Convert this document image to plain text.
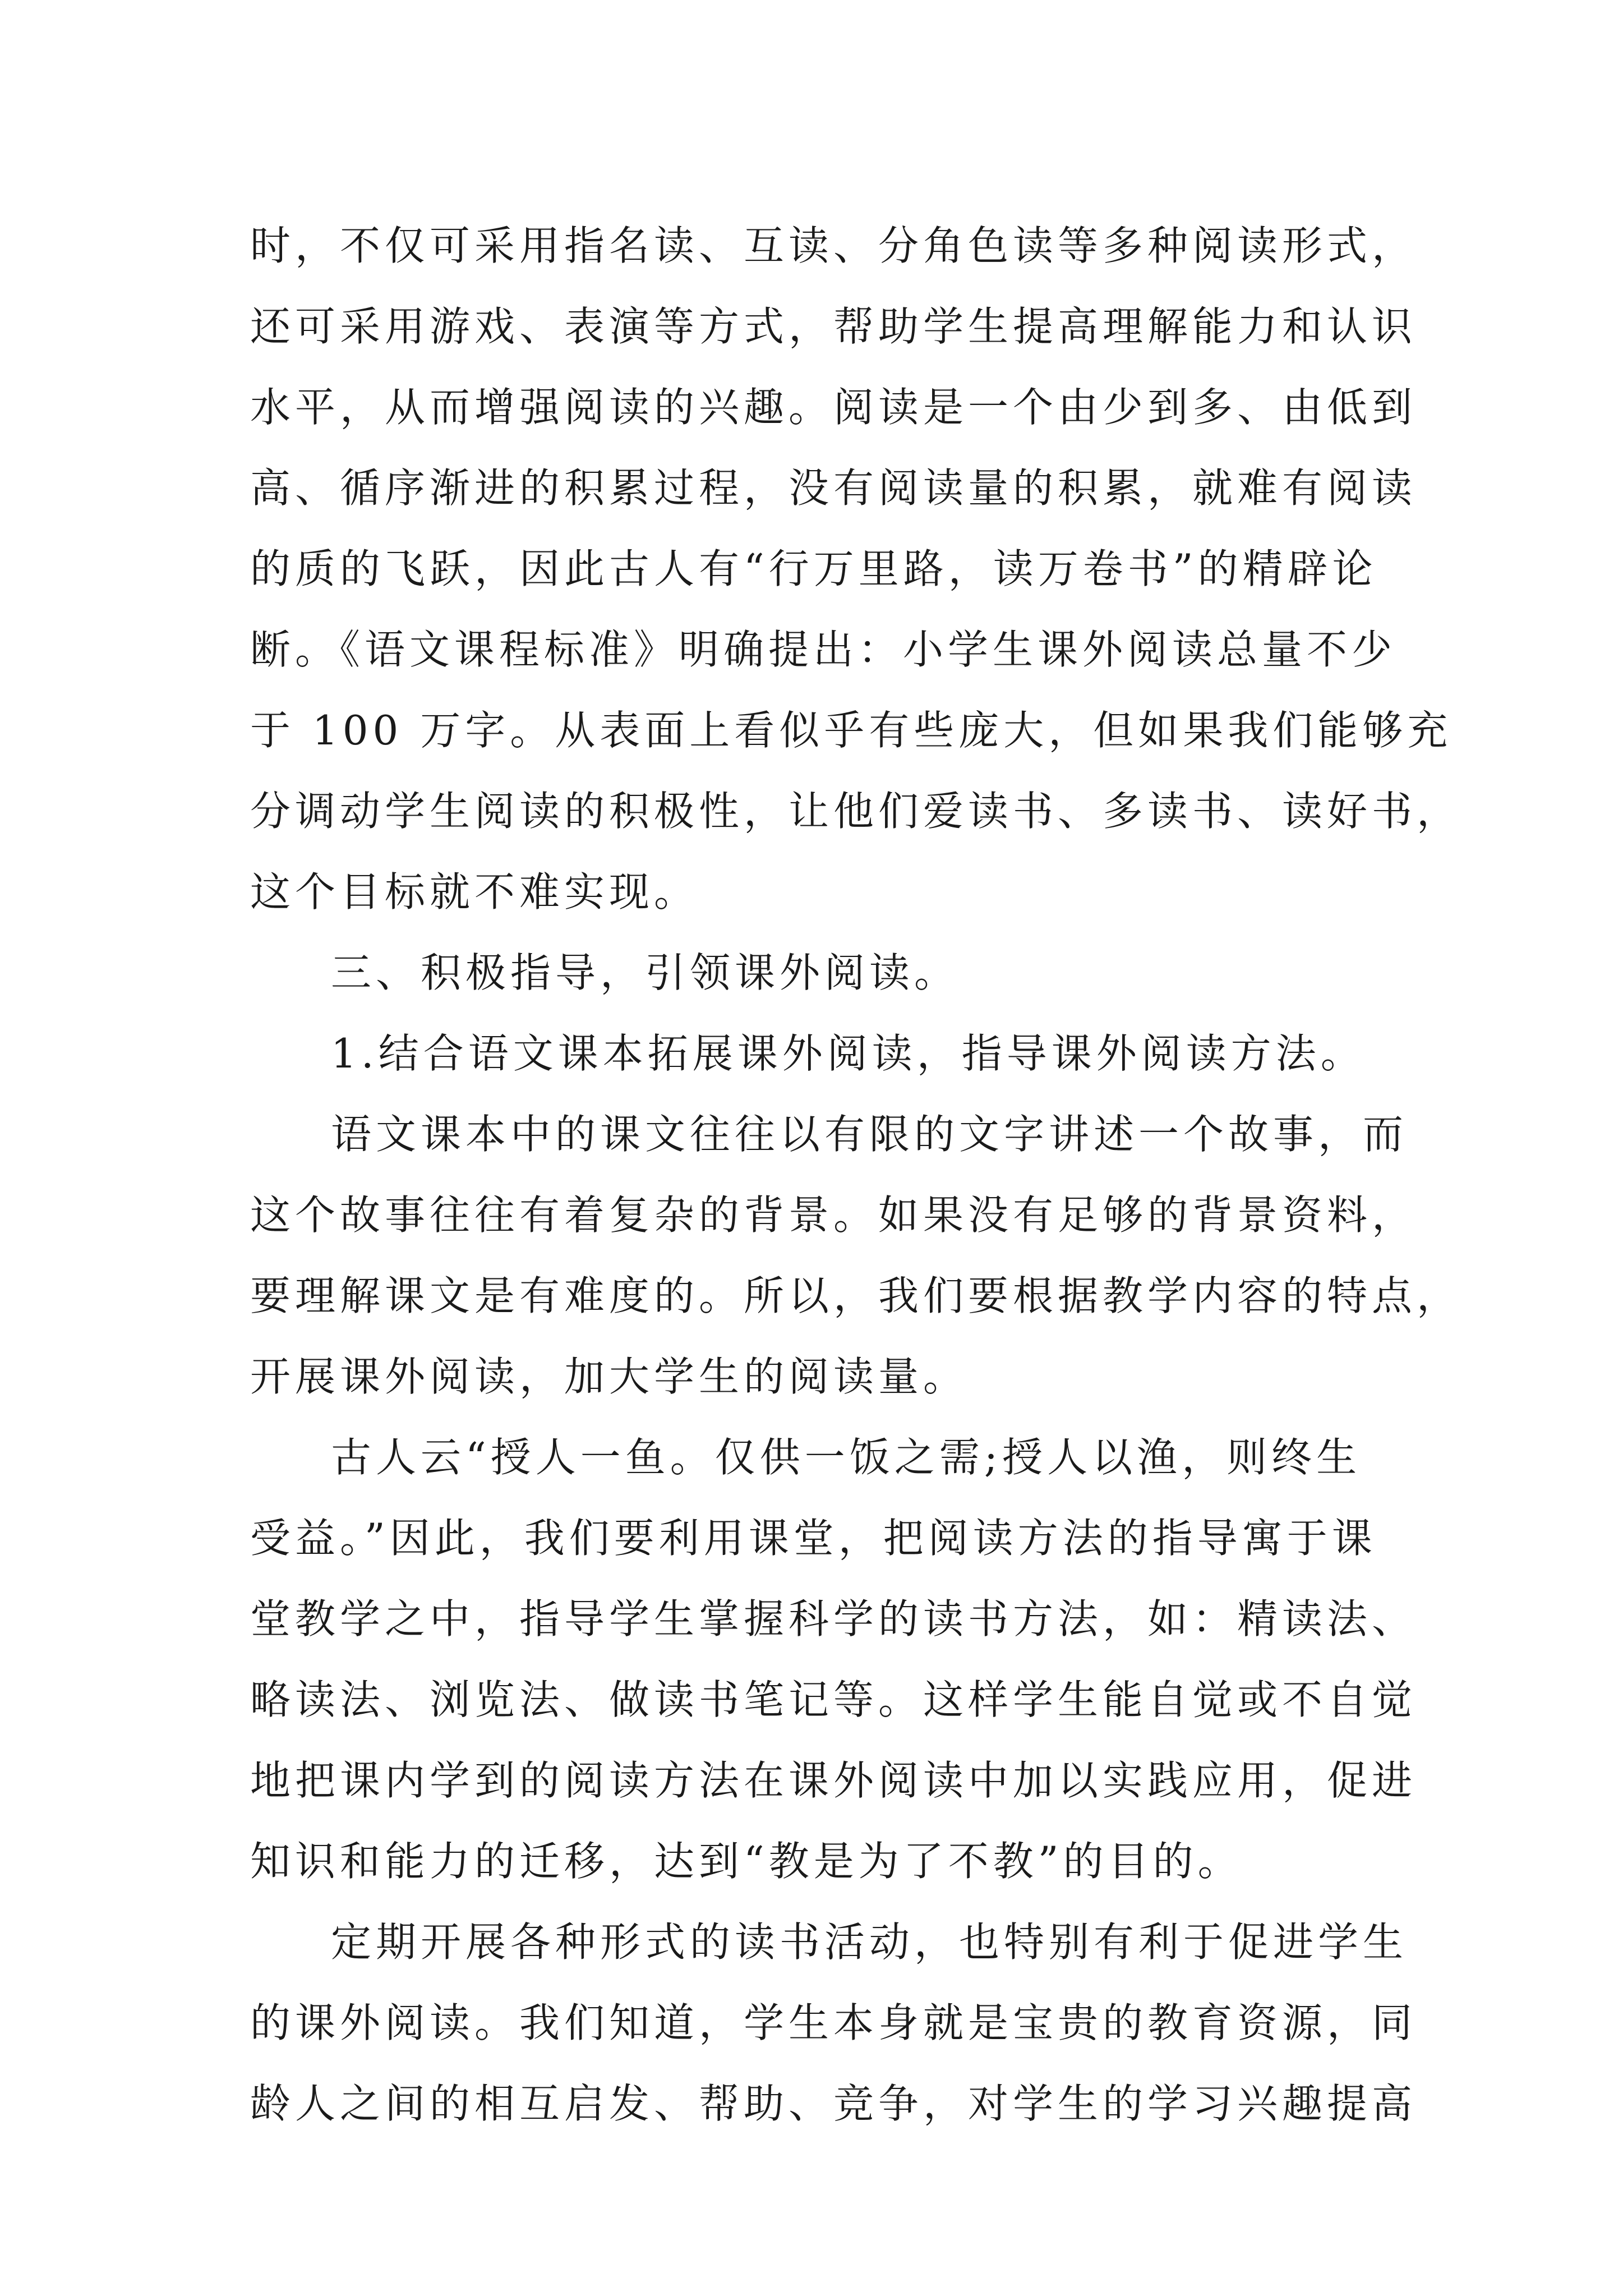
时，不仅可采用指名读、互读、分角色读等多种阅读形式，
还可采用游戏、表演等方式，帮助学生提高理解能力和认识
水平，从而增强阅读的兴趣。阅读是一个由少到多、由低到
高、循序渐进的积累过程，没有阅读量的积累，就难有阅读
的质的飞跃，因此古人有“行万里路，读万卷书”的精辟论
断。《语文课程标准》明确提出：小学生课外阅读总量不少
于 100 万字。从表面上看似乎有些庞大，但如果我们能够充
分调动学生阅读的积极性，让他们爱读书、多读书、读好书，
这个目标就不难实现。
三、积极指导，引领课外阅读。
1.结合语文课本拓展课外阅读，指导课外阅读方法。
语文课本中的课文往往以有限的文字讲述一个故事，而
这个故事往往有着复杂的背景。如果没有足够的背景资料，
要理解课文是有难度的。所以，我们要根据教学内容的特点，
开展课外阅读，加大学生的阅读量。
古人云“授人一鱼。仅供一饭之需;授人以渔，则终生
受益。”因此，我们要利用课堂，把阅读方法的指导寓于课
堂教学之中，指导学生掌握科学的读书方法，如：精读法、
略读法、浏览法、做读书笔记等。这样学生能自觉或不自觉
地把课内学到的阅读方法在课外阅读中加以实践应用，促进
知识和能力的迁移，达到“教是为了不教”的目的。
定期开展各种形式的读书活动，也特别有利于促进学生
的课外阅读。我们知道，学生本身就是宝贵的教育资源，同
龄人之间的相互启发、帮助、竞争，对学生的学习兴趣提高
